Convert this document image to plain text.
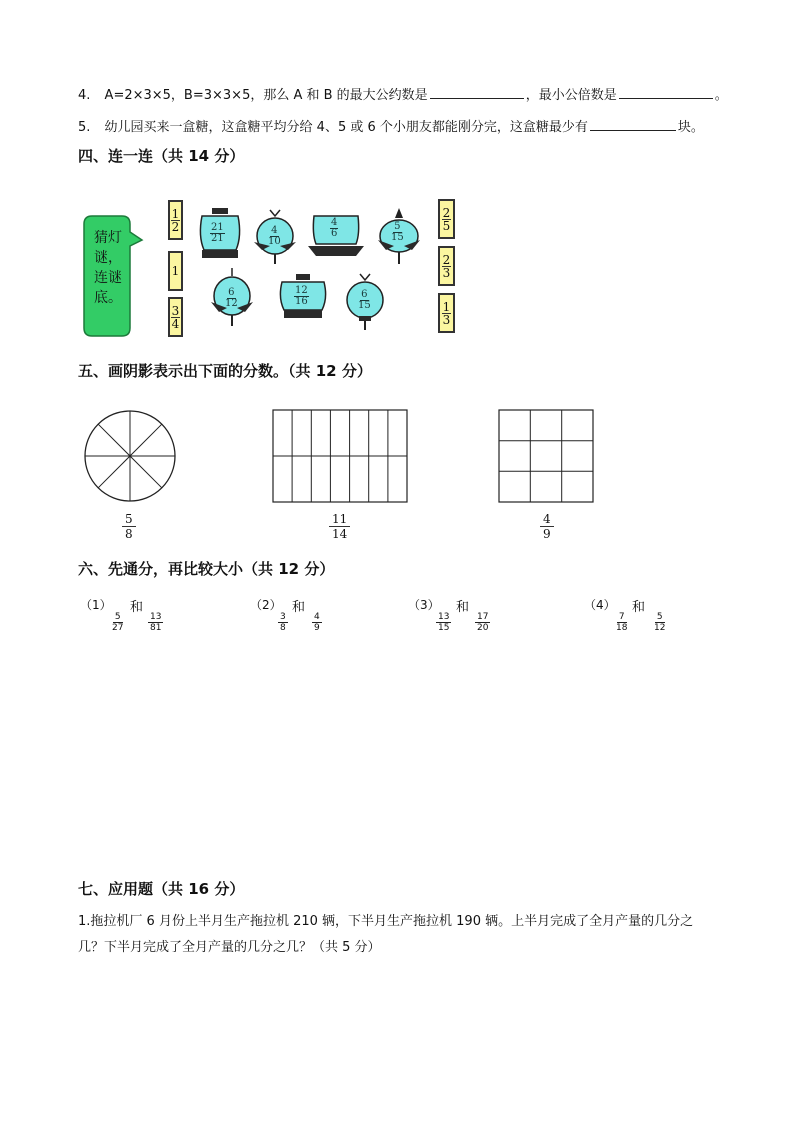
4. A=2×3×5，B=3×3×5，那么 A 和 B 的最大公约数是	，最小公倍数是	。
5. 幼儿园买来一盒糖，这盒糖平均分给 4、5 或 6 个小朋友都能刚分完，这盒糖最少有	块。
四、连一连（共 14 分）
猜灯谜，连谜底。
$\frac{1}{2}$
1
$\frac{3}{4}$
$\frac{2}{5}$
$\frac{2}{3}$
$\frac{1}{3}$
$\frac{21}{21}$	$\frac{4}{10}$	$\frac{4}{6}$	$\frac{5}{15}$
$\frac{6}{12}$	$\frac{12}{16}$	$\frac{6}{15}$
五、画阴影表示出下面的分数。（共 12 分）
$\frac{5}{8}$	$\frac{11}{14}$	$\frac{4}{9}$
六、先通分，再比较大小（共 12 分）
（1） 和
$\frac{5}{27}$	$\frac{13}{81}$
（2） 和
$\frac{3}{8}$	$\frac{4}{9}$
（3） 和
$\frac{13}{15}$	$\frac{17}{20}$
（4） 和
$\frac{7}{18}$	$\frac{5}{12}$
七、应用题（共 16 分）
1.拖拉机厂 6 月份上半月生产拖拉机 210 辆，下半月生产拖拉机 190 辆。上半月完成了全月产量的几分之
几？下半月完成了全月产量的几分之几？（共 5 分）
